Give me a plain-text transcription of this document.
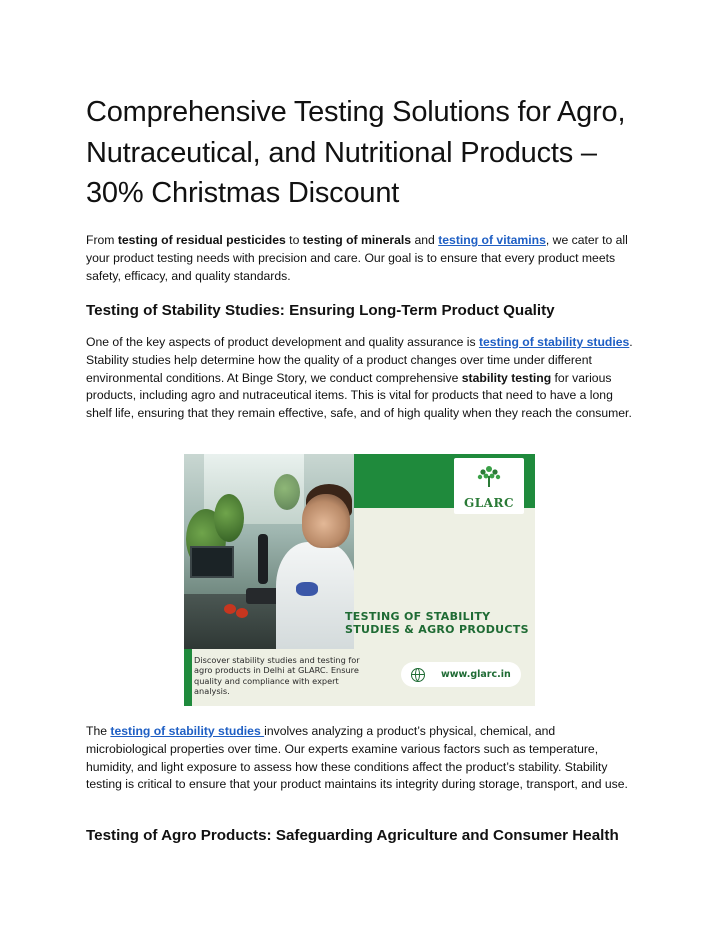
Comprehensive Testing Solutions for Agro, Nutraceutical, and Nutritional Products – 30% Christmas Discount

From testing of residual pesticides to testing of minerals and testing of vitamins, we cater to all your product testing needs with precision and care. Our goal is to ensure that every product meets safety, efficacy, and quality standards.

Testing of Stability Studies: Ensuring Long-Term Product Quality

One of the key aspects of product development and quality assurance is testing of stability studies. Stability studies help determine how the quality of a product changes over time under different environmental conditions. At Binge Story, we conduct comprehensive stability testing for various products, including agro and nutraceutical items. This is vital for products that need to have a long shelf life, ensuring that they remain effective, safe, and of high quality when they reach the consumer.

The testing of stability studies involves analyzing a product’s physical, chemical, and microbiological properties over time. Our experts examine various factors such as temperature, humidity, and light exposure to assess how these conditions affect the product’s stability. Stability testing is critical to ensure that your product maintains its integrity during storage, transport, and use.

Testing of Agro Products: Safeguarding Agriculture and Consumer Health
GLARC
TESTING OF STABILITY STUDIES & AGRO PRODUCTS
Discover stability studies and testing for agro products in Delhi at GLARC. Ensure quality and compliance with expert analysis.
www.glarc.in
